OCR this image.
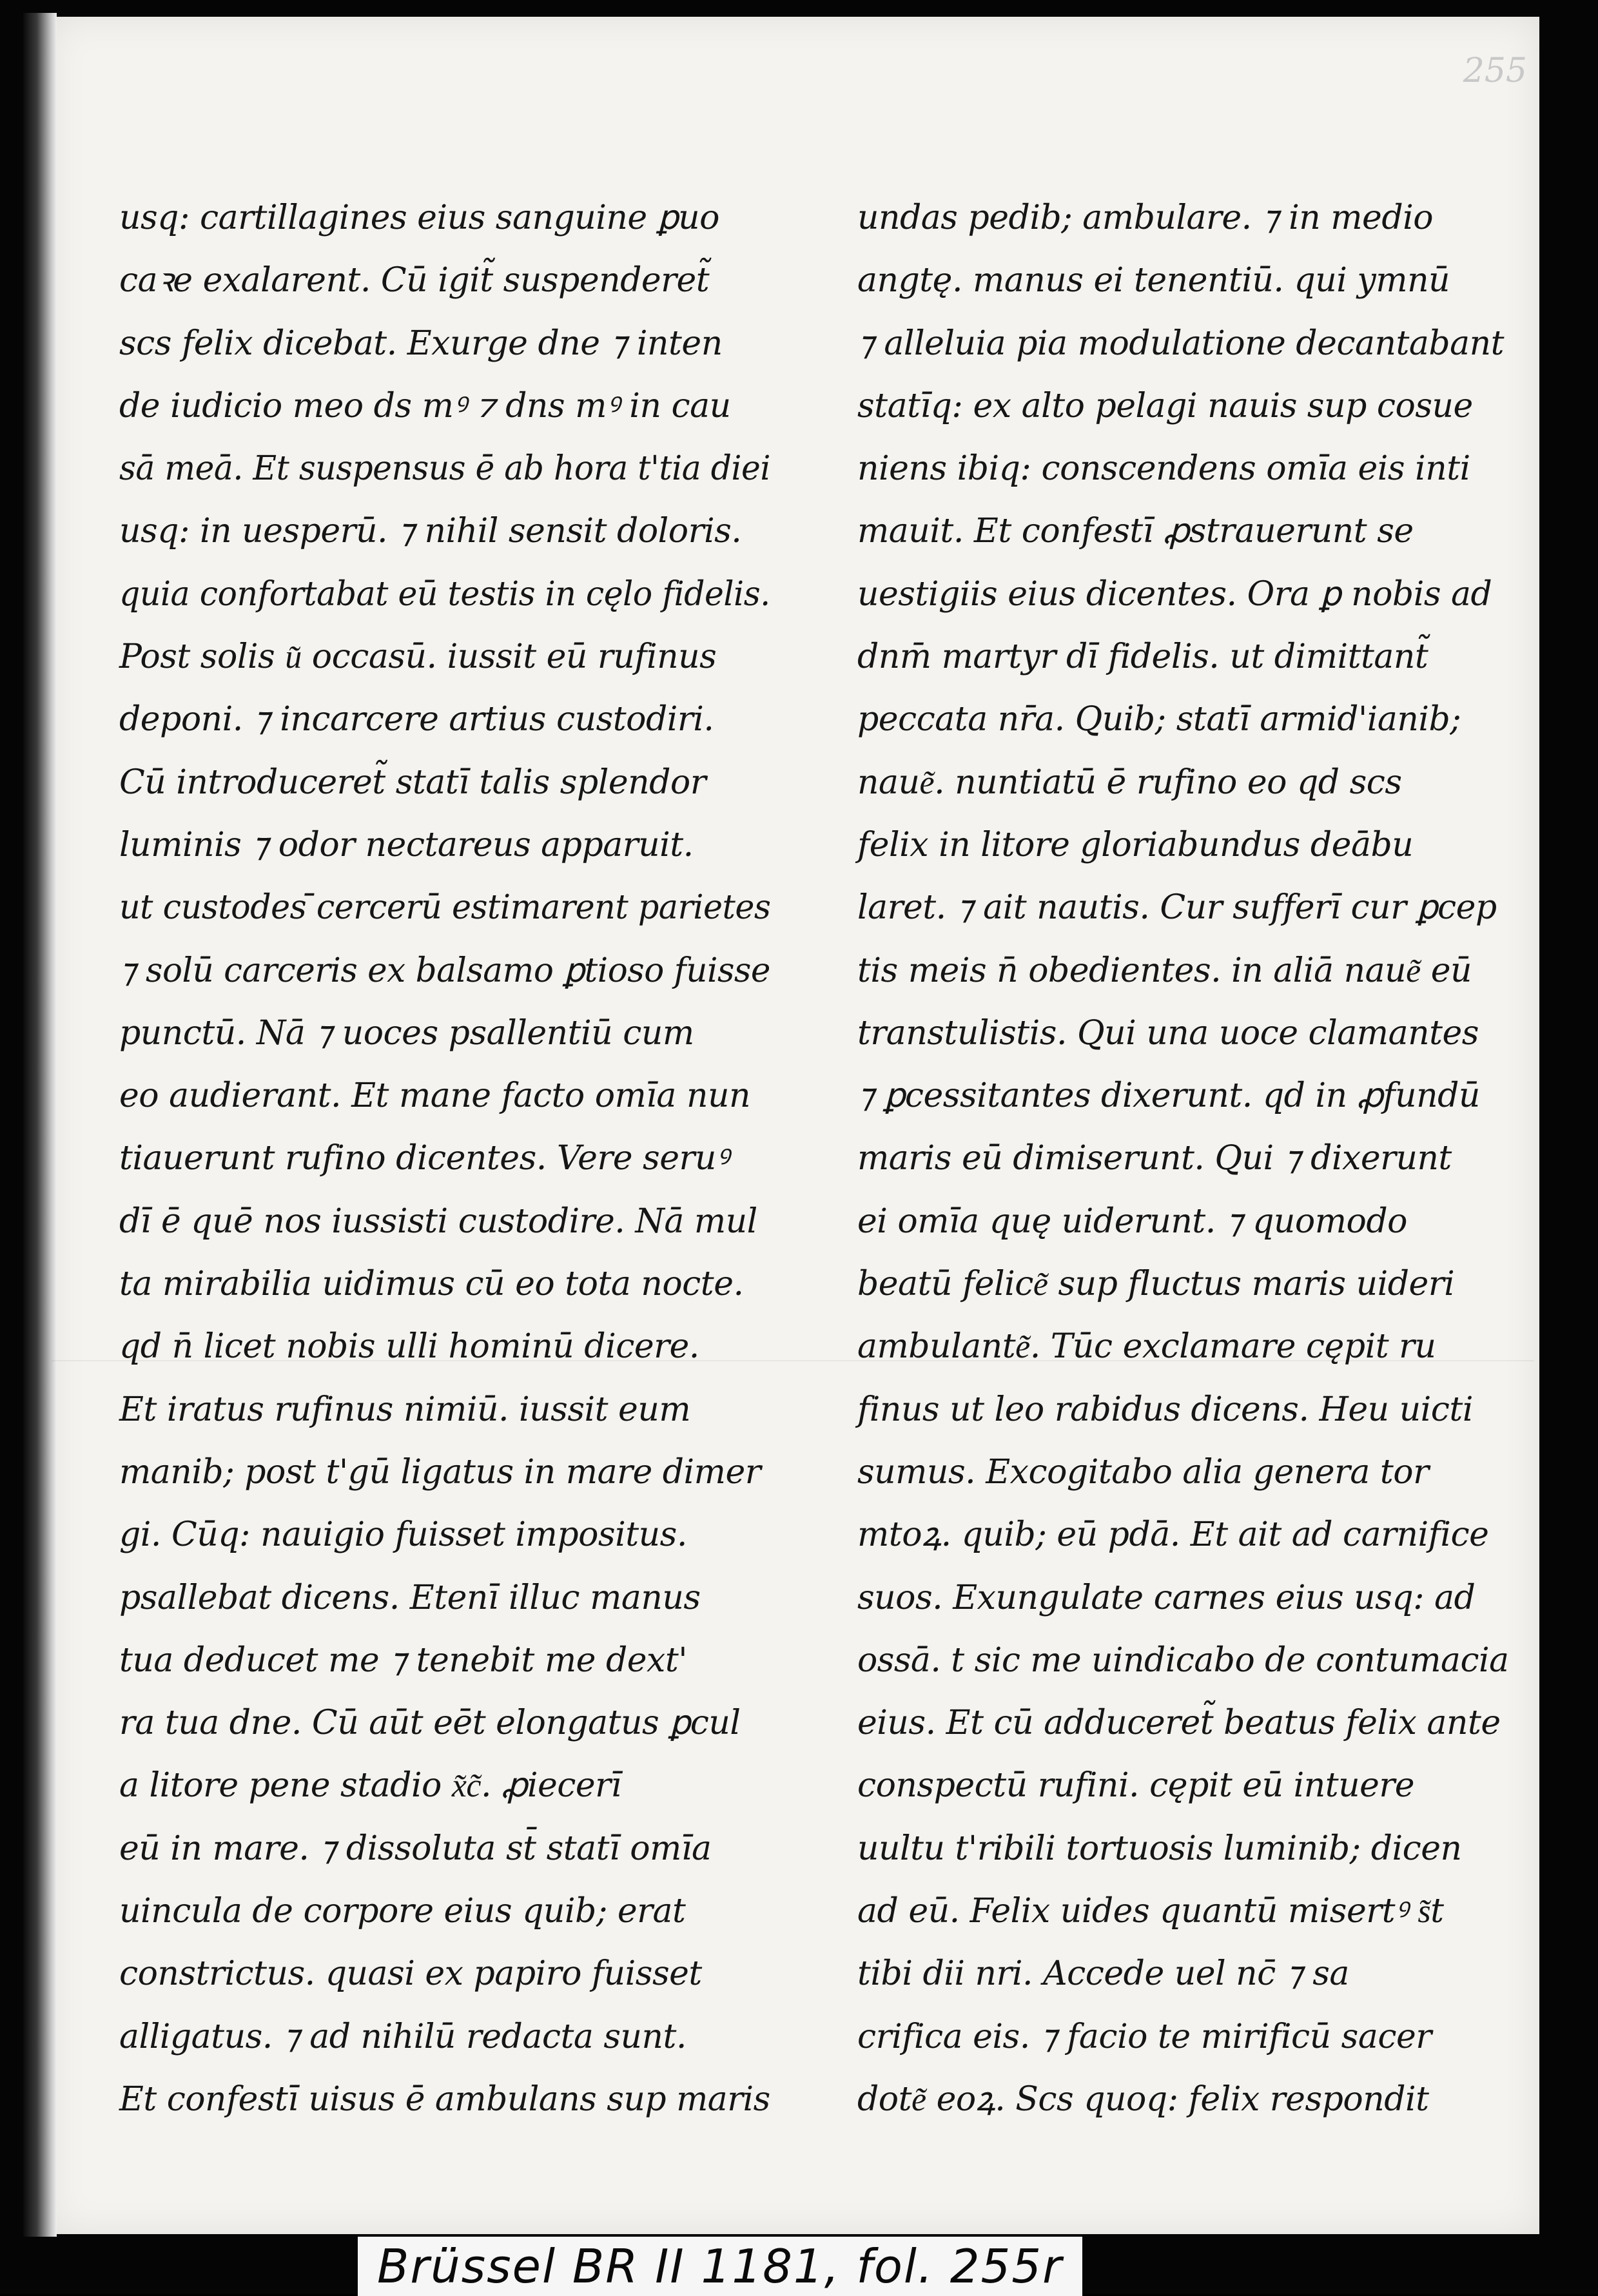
255
usq: cartillagines eius sanguine ꝑuo
caꝛe exalarent. Cū igit̃ suspenderet̃
scs felix dicebat. Exurge dne ⁊ inten
de iudicio meo ds mꝰ ⁊ dns mꝰ in cau
sā meā. Et suspensus ē ab hora t'tia diei
usq: in uesperū. ⁊ nihil sensit doloris.
quia confortabat eū testis in cęlo fidelis.
Post solis u͂ occasū. iussit eū rufinus
deponi. ⁊ incarcere artius custodiri.
Cū introduceret̃ statī talis splendor
luminis ⁊ odor nectareus apparuit.
ut custodes ̄cercerū estimarent parietes
⁊ solū carceris ex balsamo ꝑtioso fuisse
punctū. Nā ⁊ uoces psallentiū cum
eo audierant. Et mane facto omīa nun
tiauerunt rufino dicentes. Vere seruꝰ
dī ē quē nos iussisti custodire. Nā mul
ta mirabilia uidimus cū eo tota nocte.
qd n̄ licet nobis ulli hominū dicere.
Et iratus rufinus nimiū. iussit eum
manib; post t'gū ligatus in mare dimer
gi. Cūq: nauigio fuisset impositus.
psallebat dicens. Etenī illuc manus
tua deducet me ⁊ tenebit me dext'
ra tua dne. Cū aūt eēt elongatus ꝑcul
a litore pene stadio x͂c͂. ꝓiecerī
eū in mare. ⁊ dissoluta st̄ statī omīa
uincula de corpore eius quib; erat
constrictus. quasi ex papiro fuisset
alligatus. ⁊ ad nihilū redacta sunt.
Et confestī uisus ē ambulans sup maris
undas pedib; ambulare. ⁊ in medio
angtę. manus ei tenentiū. qui ymnū
⁊ alleluia pia modulatione decantabant
statīq: ex alto pelagi nauis sup cosue
niens ibiq: conscendens omīa eis inti
mauit. Et confestī ꝓstrauerunt se
uestigiis eius dicentes. Ora ꝑ nobis ad
dnm̄ martyr dī fidelis. ut dimittant̃
peccata nr̄a. Quib; statī armid'ianib;
naue͂. nuntiatū ē rufino eo qd scs
felix in litore gloriabundus deābu
laret. ⁊ ait nautis. Cur sufferī cur ꝑcep
tis meis n̄ obedientes. in aliā naue͂ eū
transtulistis. Qui una uoce clamantes
⁊ ꝑcessitantes dixerunt. qd in ꝓfundū
maris eū dimiserunt. Qui ⁊ dixerunt
ei omīa quę uiderunt. ⁊ quomodo
beatū felice͂ sup fluctus maris uideri
ambulante͂. Tūc exclamare cępit ru
finus ut leo rabidus dicens. Heu uicti
sumus. Excogitabo alia genera tor
mtoꝝ. quib; eū pdā. Et ait ad carnifice
suos. Exungulate carnes eius usq: ad
ossā. t sic me uindicabo de contumacia
eius. Et cū adduceret̃ beatus felix ante
conspectū rufini. cępit eū intuere
uultu t'ribili tortuosis luminib; dicen
ad eū. Felix uides quantū misertꝰ s͂t
tibi dii nri. Accede uel nc̄ ⁊ sa
crifica eis. ⁊ facio te mirificū sacer
dote͂ eoꝝ. Scs quoq: felix respondit
Brüssel BR II 1181, fol. 255r
